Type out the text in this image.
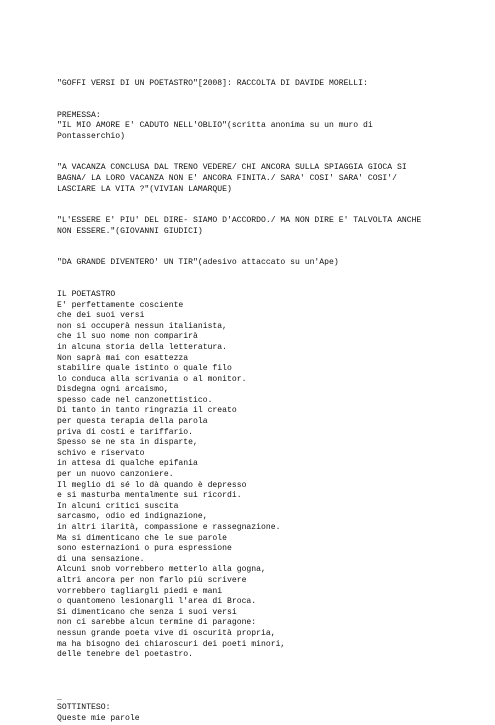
"GOFFI VERSI DI UN POETASTRO"[2008]: RACCOLTA DI DAVIDE MORELLI:
PREMESSA:
"IL MIO AMORE E' CADUTO NELL'OBLIO"(scritta anonima su un muro di
Pontasserchio)
"A VACANZA CONCLUSA DAL TRENO VEDERE/ CHI ANCORA SULLA SPIAGGIA GIOCA SI
BAGNA/ LA LORO VACANZA NON E' ANCORA FINITA./ SARA' COSI' SARA' COSI'/
LASCIARE LA VITA ?"(VIVIAN LAMARQUE)
"L'ESSERE E' PIU' DEL DIRE- SIAMO D'ACCORDO./ MA NON DIRE E' TALVOLTA ANCHE
NON ESSERE."(GIOVANNI GIUDICI)
"DA GRANDE DIVENTERO' UN TIR"(adesivo attaccato su un'Ape)
IL POETASTRO
E' perfettamente cosciente
che dei suoi versi
non si occuperà nessun italianista,
che il suo nome non comparirà
in alcuna storia della letteratura.
Non saprà mai con esattezza
stabilire quale istinto o quale filo
lo conduca alla scrivania o al monitor.
Disdegna ogni arcaismo,
spesso cade nel canzonettistico.
Di tanto in tanto ringrazia il creato
per questa terapia della parola
priva di costi e tariffario.
Spesso se ne sta in disparte,
schivo e riservato
in attesa di qualche epifania
per un nuovo canzoniere.
Il meglio di sé lo dà quando è depresso
e si masturba mentalmente sui ricordi.
In alcuni critici suscita
sarcasmo, odio ed indignazione,
in altri ilarità, compassione e rassegnazione.
Ma si dimenticano che le sue parole
sono esternazioni o pura espressione
di una sensazione.
Alcuni snob vorrebbero metterlo alla gogna,
altri ancora per non farlo più scrivere
vorrebbero tagliargli piedi e mani
o quantomeno lesionargli l'area di Broca.
Si dimenticano che senza i suoi versi
non ci sarebbe alcun termine di paragone:
nessun grande poeta vive di oscurità propria,
ma ha bisogno dei chiaroscuri dei poeti minori,
delle tenebre del poetastro.
_
SOTTINTESO:
Queste mie parole
